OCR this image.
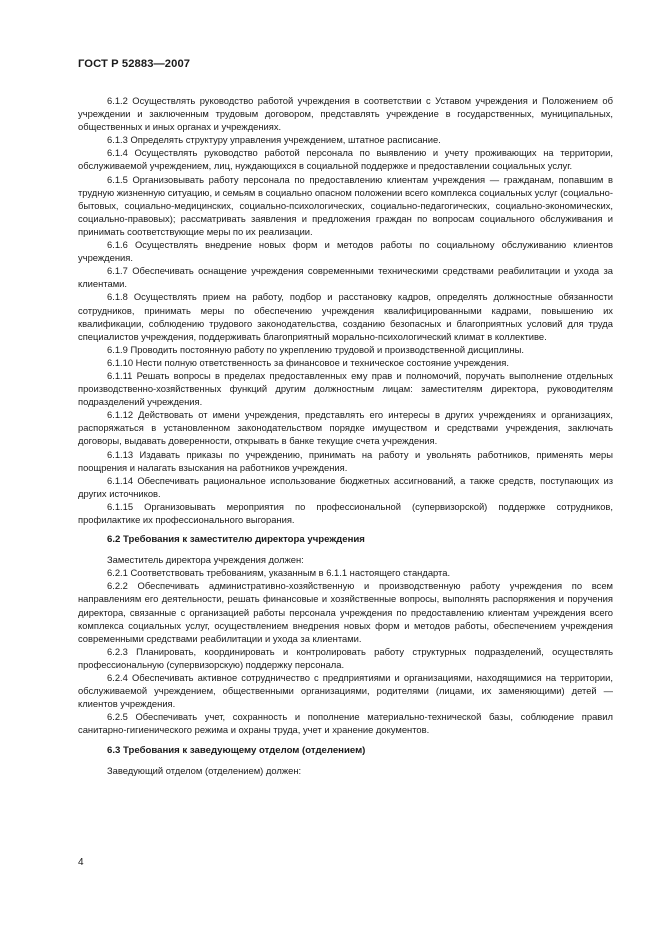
ГОСТ Р 52883—2007

6.1.2 Осуществлять руководство работой учреждения в соответствии с Уставом учреждения и Положением об учреждении и заключенным трудовым договором, представлять учреждение в государственных, муниципальных, общественных и иных органах и учреждениях.

6.1.3 Определять структуру управления учреждением, штатное расписание.

6.1.4 Осуществлять руководство работой персонала по выявлению и учету проживающих на территории, обслуживаемой учреждением, лиц, нуждающихся в социальной поддержке и предоставлении социальных услуг.

6.1.5 Организовывать работу персонала по предоставлению клиентам учреждения — гражданам, попавшим в трудную жизненную ситуацию, и семьям в социально опасном положении всего комплекса социальных услуг (социально-бытовых, социально-медицинских, социально-психологических, социально-педагогических, социально-экономических, социально-правовых); рассматривать заявления и предложения граждан по вопросам социального обслуживания и принимать соответствующие меры по их реализации.

6.1.6 Осуществлять внедрение новых форм и методов работы по социальному обслуживанию клиентов учреждения.

6.1.7 Обеспечивать оснащение учреждения современными техническими средствами реабилитации и ухода за клиентами.

6.1.8 Осуществлять прием на работу, подбор и расстановку кадров, определять должностные обязанности сотрудников, принимать меры по обеспечению учреждения квалифицированными кадрами, повышению их квалификации, соблюдению трудового законодательства, созданию безопасных и благоприятных условий для труда специалистов учреждения, поддерживать благоприятный морально-психологический климат в коллективе.

6.1.9 Проводить постоянную работу по укреплению трудовой и производственной дисциплины.

6.1.10 Нести полную ответственность за финансовое и техническое состояние учреждения.

6.1.11 Решать вопросы в пределах предоставленных ему прав и полномочий, поручать выполнение отдельных производственно-хозяйственных функций другим должностным лицам: заместителям директора, руководителям подразделений учреждения.

6.1.12 Действовать от имени учреждения, представлять его интересы в других учреждениях и организациях, распоряжаться в установленном законодательством порядке имуществом и средствами учреждения, заключать договоры, выдавать доверенности, открывать в банке текущие счета учреждения.

6.1.13 Издавать приказы по учреждению, принимать на работу и увольнять работников, применять меры поощрения и налагать взыскания на работников учреждения.

6.1.14 Обеспечивать рациональное использование бюджетных ассигнований, а также средств, поступающих из других источников.

6.1.15 Организовывать мероприятия по профессиональной (супервизорской) поддержке сотрудников, профилактике их профессионального выгорания.

6.2 Требования к заместителю директора учреждения

Заместитель директора учреждения должен:

6.2.1 Соответствовать требованиям, указанным в 6.1.1 настоящего стандарта.

6.2.2 Обеспечивать административно-хозяйственную и производственную работу учреждения по всем направлениям его деятельности, решать финансовые и хозяйственные вопросы, выполнять распоряжения и поручения директора, связанные с организацией работы персонала учреждения по предоставлению клиентам учреждения всего комплекса социальных услуг, осуществлением внедрения новых форм и методов работы, обеспечением учреждения современными средствами реабилитации и ухода за клиентами.

6.2.3 Планировать, координировать и контролировать работу структурных подразделений, осуществлять профессиональную (супервизорскую) поддержку персонала.

6.2.4 Обеспечивать активное сотрудничество с предприятиями и организациями, находящимися на территории, обслуживаемой учреждением, общественными организациями, родителями (лицами, их заменяющими) детей — клиентов учреждения.

6.2.5 Обеспечивать учет, сохранность и пополнение материально-технической базы, соблюдение правил санитарно-гигиенического режима и охраны труда, учет и хранение документов.

6.3 Требования к заведующему отделом (отделением)

Заведующий отделом (отделением) должен:

4
